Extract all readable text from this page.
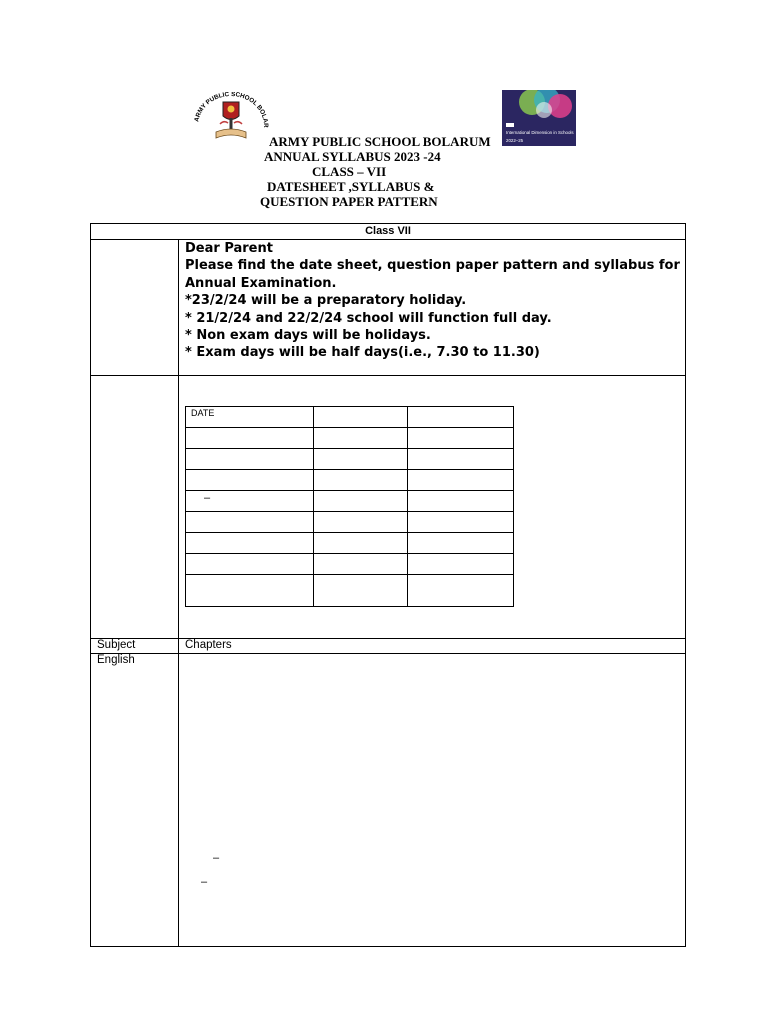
ARMY PUBLIC SCHOOL BOLAR
International Dimension in Schools
2022–25
ARMY PUBLIC SCHOOL BOLARUM
ANNUAL SYLLABUS 2023 -24
CLASS – VII
DATESHEET ,SYLLABUS &
QUESTION PAPER PATTERN
Class VII
Dear Parent
Please find the date sheet, question paper pattern and syllabus for
Annual Examination.
*23/2/24 will be a preparatory holiday.
* 21/2/24 and 22/2/24 school will function full day.
* Non exam days will be holidays.
* Exam days will be half days(i.e., 7.30 to 11.30)
DATE		

–		

Subject	Chapters
English
–
–
